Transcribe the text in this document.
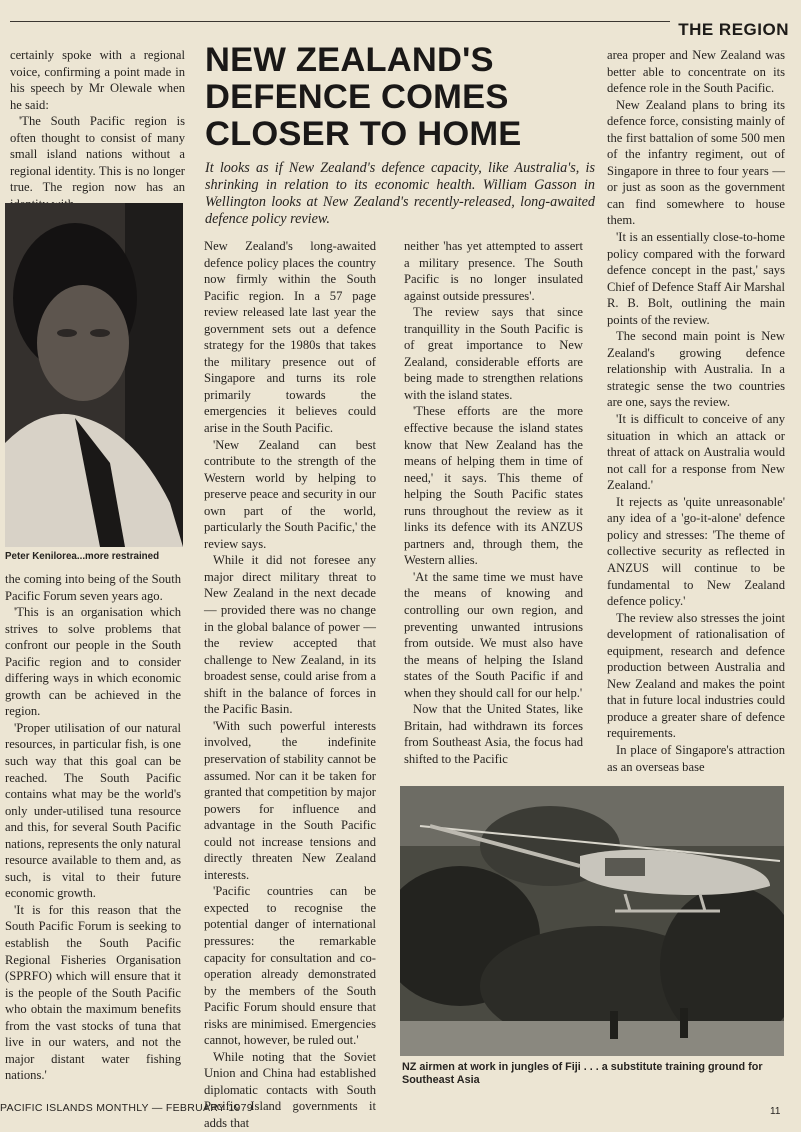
THE REGION

certainly spoke with a regional voice, confirming a point made in his speech by Mr Olewale when he said:

'The South Pacific region is often thought to consist of many small island nations without a regional identity. This is no longer true. The region now has an

Peter Kenilorea...more restrained

the coming into being of the South Pacific Forum seven years ago.

'This is an organisation which strives to solve problems that confront our people in the South Pacific region and to consider differing ways in which economic growth can be achieved in the region.

'Proper utilisation of our natural resources, in particular fish, is one such way that this goal can be reached. The South Pacific contains what may be the world's only under-utilised tuna resource and this, for several South Pacific nations, represents the only natural resource available to them and, as such, is vital to their future economic growth.

'It is for this reason that the South Pacific Forum is seeking to establish the South Pacific Regional Fisheries Organisation (SPRFO) which will ensure that it is the people of the South Pacific who obtain the maximum benefits from the vast stocks of tuna that live in our waters, and not the major distant water fishing nations.'

NEW ZEALAND'S DEFENCE COMES CLOSER TO HOME
It looks as if New Zealand's defence capacity, like Australia's, is shrinking in relation to its economic health. William Gasson in Wellington looks at New Zealand's recently-released, long-awaited defence policy review.

New Zealand's long-awaited defence policy places the country now firmly within the South Pacific region. In a 57 page review released late last year the government sets out a defence strategy for the 1980s that takes the military presence out of Singapore and turns its role primarily towards the emergencies it believes could arise in the South Pacific.

'New Zealand can best contribute to the strength of the Western world by helping to preserve peace and security in our own part of the world, particularly the South Pacific,' the review says.

While it did not foresee any major direct military threat to New Zealand in the next decade — provided there was no change in the global balance of power — the review accepted that challenge to New Zealand, in its broadest sense, could arise from a shift in the balance of forces in the Pacific Basin.

'With such powerful interests involved, the indefinite preservation of stability cannot be assumed. Nor can it be taken for granted that competition by major powers for influence and advantage in the South Pacific could not increase tensions and directly threaten New Zealand interests.

'Pacific countries can be expected to recognise the potential danger of international pressures: the remarkable capacity for consultation and co-operation already demonstrated by the members of the South Pacific Forum should ensure that risks are minimised. Emergencies cannot, however, be ruled out.'

While noting that the Soviet Union and China had established diplomatic contacts with South Pacific Island governments it adds that

neither 'has yet attempted to assert a military presence. The South Pacific is no longer insulated against outside pressures'.

The review says that since tranquillity in the South Pacific is of great importance to New Zealand, considerable efforts are being made to strengthen relations with the island states.

'These efforts are the more effective because the island states know that New Zealand has the means of helping them in time of need,' it says. This theme of helping the South Pacific states runs throughout the review as it links its defence with its ANZUS partners and, through them, the Western allies.

'At the same time we must have the means of knowing and controlling our own region, and preventing unwanted intrusions from outside. We must also have the means of helping the Island states of the South Pacific if and when they should call for our help.'

Now that the United States, like Britain, had withdrawn its forces from Southeast Asia, the focus had shifted to the Pacific

area proper and New Zealand was better able to concentrate on its defence role in the South Pacific.

New Zealand plans to bring its defence force, consisting mainly of the first battalion of some 500 men of the infantry regiment, out of Singapore in three to four years — or just as soon as the government can find somewhere to house them.

'It is an essentially close-to-home policy compared with the forward defence concept in the past,' says Chief of Defence Staff Air Marshal R. B. Bolt, outlining the main points of the review.

The second main point is New Zealand's growing defence relationship with Australia. In a strategic sense the two countries are one, says the review.

'It is difficult to conceive of any situation in which an attack or threat of attack on Australia would not call for a response from New Zealand.'

It rejects as 'quite unreasonable' any idea of a 'go-it-alone' defence policy and stresses: 'The theme of collective security as reflected in ANZUS will continue to be fundamental to New Zealand defence policy.'

The review also stresses the joint development of rationalisation of equipment, research and defence production between Australia and New Zealand and makes the point that in future local industries could produce a greater share of defence requirements.

In place of Singapore's attraction as an overseas base

NZ airmen at work in jungles of Fiji . . . a substitute training ground for Southeast Asia
PACIFIC ISLANDS MONTHLY — FEBRUARY 1979	11
